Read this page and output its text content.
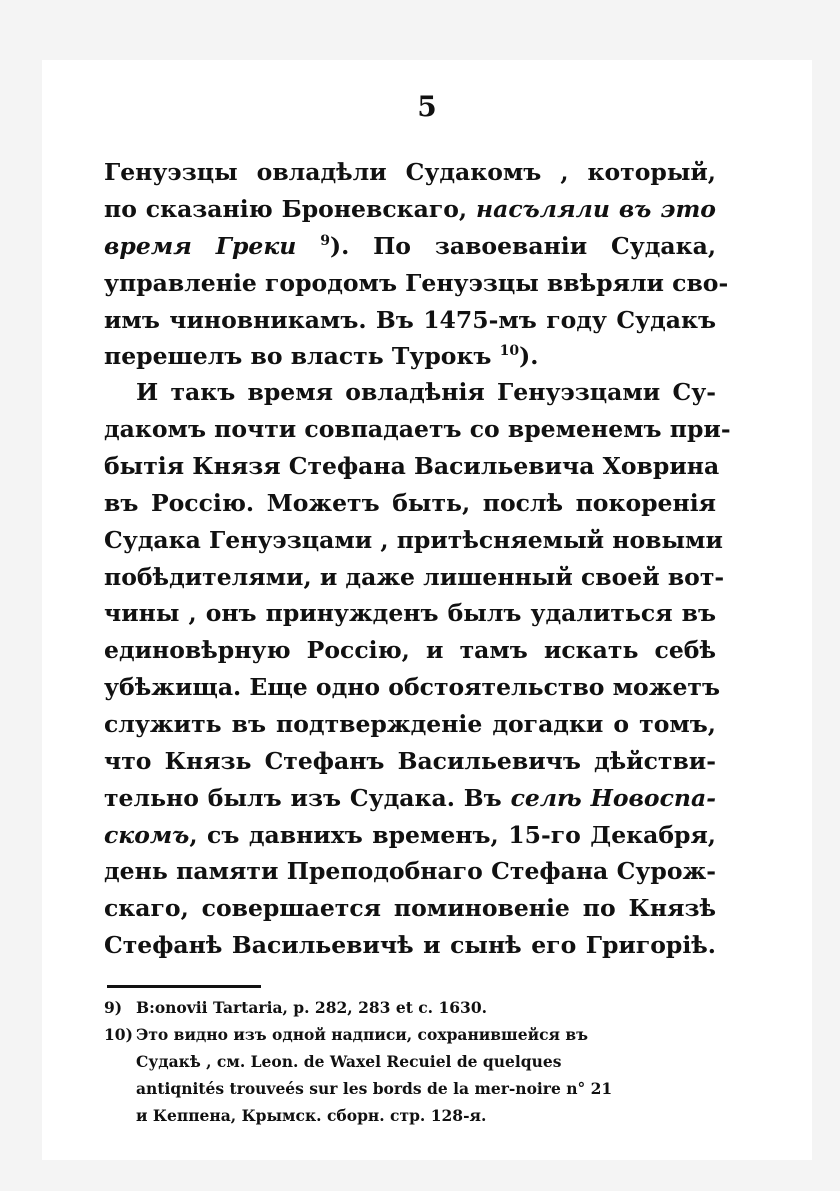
5
Генуэзцы овладѣли Судакомъ , который,
по сказанію Броневскаго, насъляли въ это
время Греки $^9$). По завоеваніи Судака,
управленіе городомъ Генуэзцы ввѣряли сво-
имъ чиновникамъ. Въ 1475-мъ году Судакъ
перешелъ во власть Турокъ $^{10}$).
И такъ время овладѣнія Генуэзцами Су-
дакомъ почти совпадаетъ со временемъ при-
бытія Князя Стефана Васильевича Ховрина
въ Россію. Можетъ быть, послѣ покоренія
Судака Генуэзцами , притѣсняемый новыми
побѣдителями, и даже лишенный своей вот-
чины , онъ принужденъ былъ удалиться въ
единовѣрную Россію, и тамъ искать себѣ
убѣжища. Еще одно обстоятельство можетъ
служить въ подтвержденіе догадки о томъ,
что Князь Стефанъ Васильевичъ дѣйстви-
тельно былъ изъ Судака. Въ селѣ Новоспа-
скомъ, съ давнихъ временъ, 15-го Декабря,
день памяти Преподобнаго Стефана Сурож-
скаго, совершается поминовеніе по Князѣ
Стефанѣ Васильевичѣ и сынѣ его Григоріѣ.
9) B:onovii Tartaria, p. 282, 283 et c. 1630.
10) Это видно изъ одной надписи, сохранившейся въ
Судакѣ , см. Leon. de Waxel Recuiel de quelques
antiqnités trouveés sur les bords de la mer-noire n° 21
и Кеппена, Крымск. сборн. стр. 128-я.
